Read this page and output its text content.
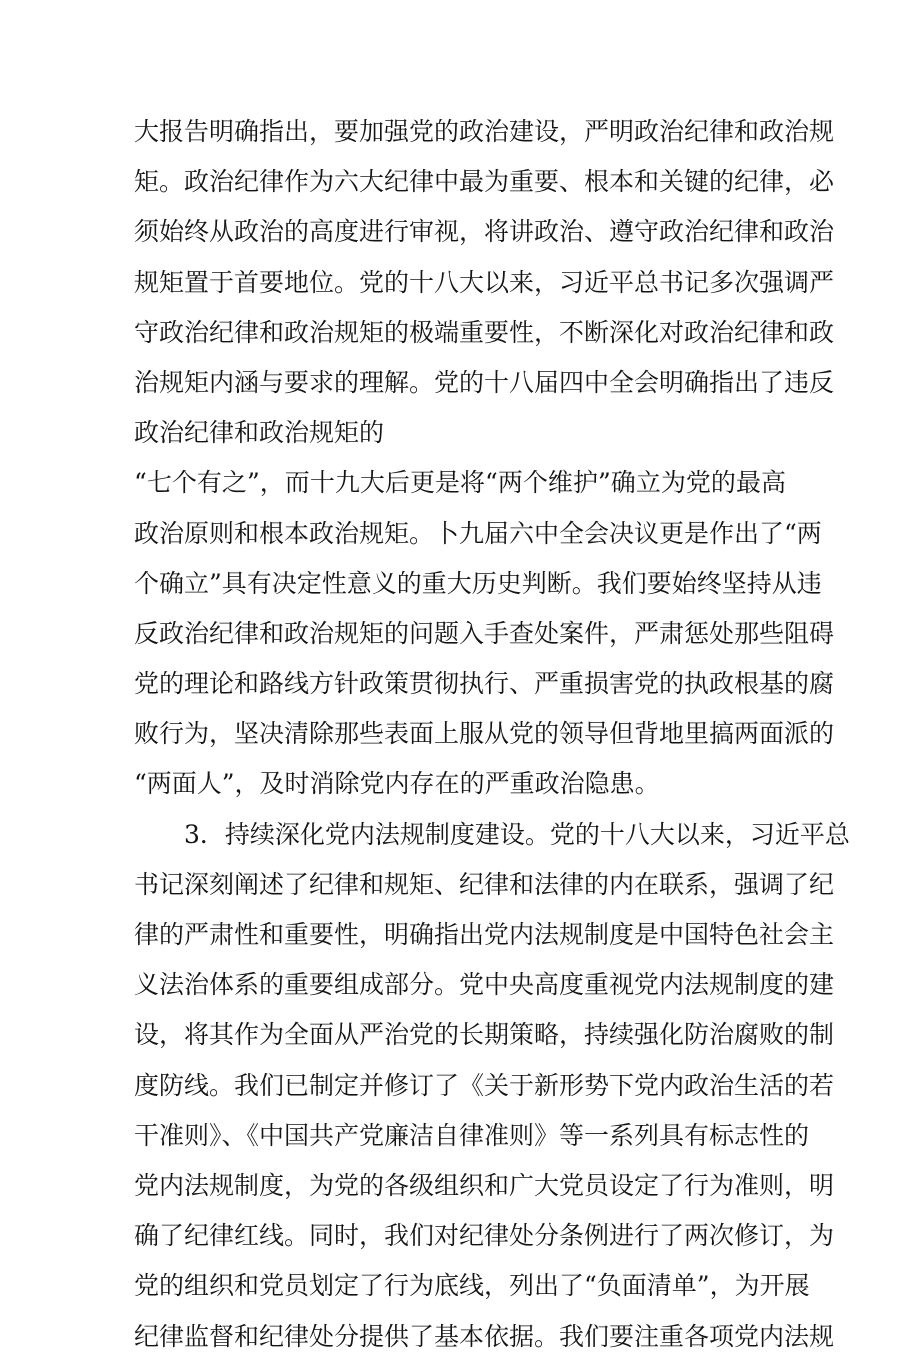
大报告明确指出，要加强党的政治建设，严明政治纪律和政治规
矩。政治纪律作为六大纪律中最为重要、根本和关键的纪律，必
须始终从政治的高度进行审视，将讲政治、遵守政治纪律和政治
规矩置于首要地位。党的十八大以来，习近平总书记多次强调严
守政治纪律和政治规矩的极端重要性，不断深化对政治纪律和政
治规矩内涵与要求的理解。党的十八届四中全会明确指出了违反
政治纪律和政治规矩的
“七个有之”，而十九大后更是将“两个维护”确立为党的最高
政治原则和根本政治规矩。卜九届六中全会决议更是作出了“两
个确立”具有决定性意义的重大历史判断。我们要始终坚持从违
反政治纪律和政治规矩的问题入手查处案件，严肃惩处那些阻碍
党的理论和路线方针政策贯彻执行、严重损害党的执政根基的腐
败行为，坚决清除那些表面上服从党的领导但背地里搞两面派的
“两面人”，及时消除党内存在的严重政治隐患。
3．持续深化党内法规制度建设。党的十八大以来，习近平总
书记深刻阐述了纪律和规矩、纪律和法律的内在联系，强调了纪
律的严肃性和重要性，明确指出党内法规制度是中国特色社会主
义法治体系的重要组成部分。党中央高度重视党内法规制度的建
设，将其作为全面从严治党的长期策略，持续强化防治腐败的制
度防线。我们已制定并修订了《关于新形势下党内政治生活的若
干准则》、《中国共产党廉洁自律准则》等一系列具有标志性的
党内法规制度，为党的各级组织和广大党员设定了行为准则，明
确了纪律红线。同时，我们对纪律处分条例进行了两次修订，为
党的组织和党员划定了行为底线，列出了“负面清单”，为开展
纪律监督和纪律处分提供了基本依据。我们要注重各项党内法规
